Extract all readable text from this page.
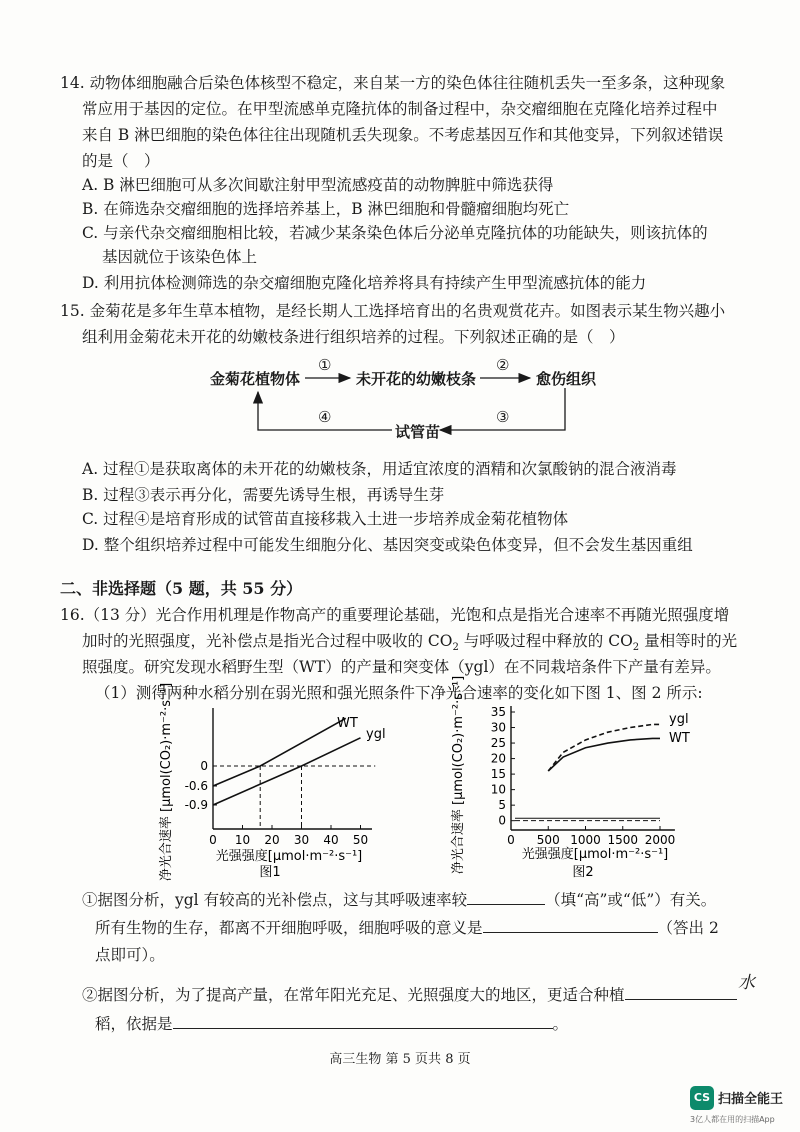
14. 动物体细胞融合后染色体核型不稳定，来自某一方的染色体往往随机丢失一至多条，这种现象
常应用于基因的定位。在甲型流感单克隆抗体的制备过程中，杂交瘤细胞在克隆化培养过程中
来自 B 淋巴细胞的染色体往往出现随机丢失现象。不考虑基因互作和其他变异，下列叙述错误
的是（　）
A. B 淋巴细胞可从多次间歇注射甲型流感疫苗的动物脾脏中筛选获得
B. 在筛选杂交瘤细胞的选择培养基上，B 淋巴细胞和骨髓瘤细胞均死亡
C. 与亲代杂交瘤细胞相比较，若减少某条染色体后分泌单克隆抗体的功能缺失，则该抗体的
基因就位于该染色体上
D. 利用抗体检测筛选的杂交瘤细胞克隆化培养将具有持续产生甲型流感抗体的能力
15. 金菊花是多年生草本植物，是经长期人工选择培育出的名贵观赏花卉。如图表示某生物兴趣小
组利用金菊花未开花的幼嫩枝条进行组织培养的过程。下列叙述正确的是（　）
金菊花植物体	未开花的幼嫩枝条	愈伤组织
试管苗
①	②
③
④
A. 过程①是获取离体的未开花的幼嫩枝条，用适宜浓度的酒精和次氯酸钠的混合液消毒
B. 过程③表示再分化，需要先诱导生根，再诱导生芽
C. 过程④是培育形成的试管苗直接移栽入土进一步培养成金菊花植物体
D. 整个组织培养过程中可能发生细胞分化、基因突变或染色体变异，但不会发生基因重组
二、非选择题（5 题，共 55 分）
16.（13 分）光合作用机理是作物高产的重要理论基础，光饱和点是指光合速率不再随光照强度增
加时的光照强度，光补偿点是指光合过程中吸收的 $CO_2$ 与呼吸过程中释放的 $CO_2$ 量相等时的光
照强度。研究发现水稻野生型（WT）的产量和突变体（ygl）在不同栽培条件下产量有差异。
（1）测得两种水稻分别在弱光照和强光照条件下净光合速率的变化如下图 1、图 2 所示:
0 10 20 30 40 50
0
-0.6
-0.9
WT
ygl
净光合速率 [μmol(CO₂)·m⁻²·s⁻¹]	光强强度[μmol·m⁻²·s⁻¹]
图1
35
30
25
20
15
10
5
0
0 500 1000 1500 2000
ygl
WT
净光合速率 [μmol(CO₂)·m⁻²·s⁻¹]	光强强度[μmol·m⁻²·s⁻¹]
图2
①据图分析，ygl 有较高的光补偿点，这与其呼吸速率较	（填“高”或“低”）有关。
所有生物的生存，都离不开细胞呼吸，细胞呼吸的意义是	（答出 2
点即可）。
②据图分析，为了提高产量，在常年阳光充足、光照强度大的地区，更适合种植
水
稻，依据是	。
高三生物 第 5 页共 8 页
CS 扫描全能王
3亿人都在用的扫描App
